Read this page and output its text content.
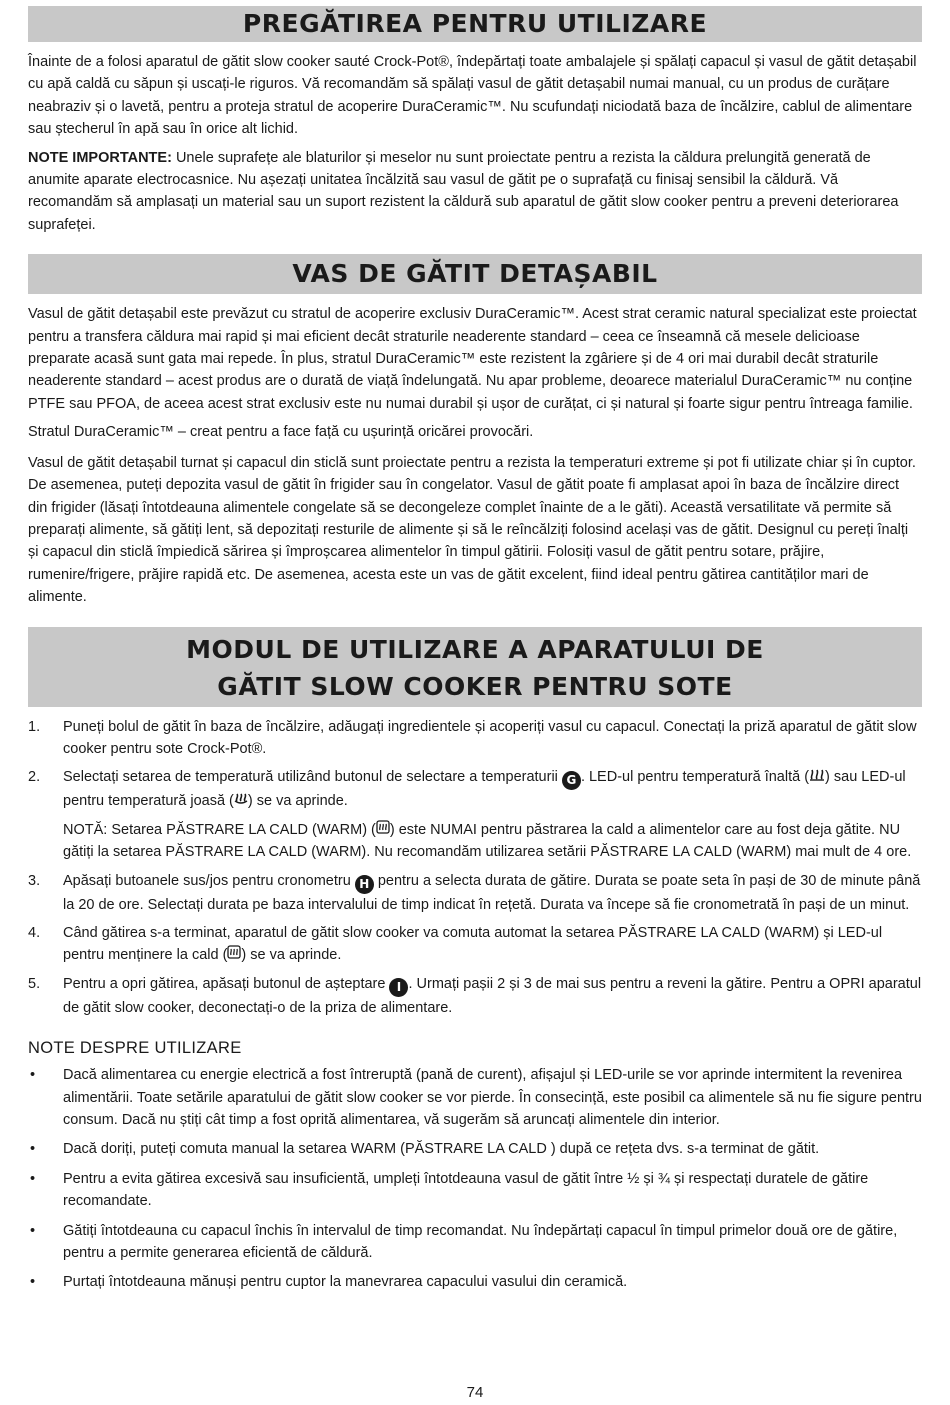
PREGĂTIREA PENTRU UTILIZARE

Înainte de a folosi aparatul de gătit slow cooker sauté Crock-Pot®, îndepărtați toate ambalajele și spălați capacul și vasul de gătit detașabil cu apă caldă cu săpun și uscați-le riguros. Vă recomandăm să spălați vasul de gătit detașabil numai manual, cu un produs de curățare neabraziv și o lavetă, pentru a proteja stratul de acoperire DuraCeramic™. Nu scufundați niciodată baza de încălzire, cablul de alimentare sau ștecherul în apă sau în orice alt lichid.

NOTE IMPORTANTE: Unele suprafețe ale blaturilor și meselor nu sunt proiectate pentru a rezista la căldura prelungită generată de anumite aparate electrocasnice. Nu așezați unitatea încălzită sau vasul de gătit pe o suprafață cu finisaj sensibil la căldură. Vă recomandăm să amplasați un material sau un suport rezistent la căldură sub aparatul de gătit slow cooker pentru a preveni deteriorarea suprafeței.

VAS DE GĂTIT DETAȘABIL

Vasul de gătit detașabil este prevăzut cu stratul de acoperire exclusiv DuraCeramic™. Acest strat ceramic natural specializat este proiectat pentru a transfera căldura mai rapid și mai eficient decât straturile neaderente standard – ceea ce înseamnă că mesele delicioase preparate acasă sunt gata mai repede. În plus, stratul DuraCeramic™ este rezistent la zgâriere și de 4 ori mai durabil decât straturile neaderente standard – acest produs are o durată de viață îndelungată. Nu apar probleme, deoarece materialul DuraCeramic™ nu conține PTFE sau PFOA, de aceea acest strat exclusiv este nu numai durabil și ușor de curățat, ci și natural și foarte sigur pentru întreaga familie.

Stratul DuraCeramic™ – creat pentru a face față cu ușurință oricărei provocări.

Vasul de gătit detașabil turnat și capacul din sticlă sunt proiectate pentru a rezista la temperaturi extreme și pot fi utilizate chiar și în cuptor. De asemenea, puteți depozita vasul de gătit în frigider sau în congelator. Vasul de gătit poate fi amplasat apoi în baza de încălzire direct din frigider (lăsați întotdeauna alimentele congelate să se decongeleze complet înainte de a le găti). Această versatilitate vă permite să preparați alimente, să gătiți lent, să depozitați resturile de alimente și să le reîncălziți folosind același vas de gătit. Designul cu pereți înalți și capacul din sticlă împiedică sărirea și împroșcarea alimentelor în timpul gătirii. Folosiți vasul de gătit pentru sotare, prăjire, rumenire/frigere, prăjire rapidă etc. De asemenea, acesta este un vas de gătit excelent, fiind ideal pentru gătirea cantităților mari de alimente.

MODUL DE UTILIZARE A APARATULUI DE
GĂTIT SLOW COOKER PENTRU SOTE
1. Puneți bolul de gătit în baza de încălzire, adăugați ingredientele și acoperiți vasul cu capacul. Conectați la priză aparatul de gătit slow cooker pentru sote Crock-Pot®.
2. Selectați setarea de temperatură utilizând butonul de selectare a temperaturii G . LED-ul pentru temperatură înaltă ( ) sau LED-ul pentru temperatură joasă ( ) se va aprinde.
NOTĂ: Setarea PĂSTRARE LA CALD (WARM) ( ) este NUMAI pentru păstrarea la cald a alimentelor care au fost deja gătite. NU gătiți la setarea PĂSTRARE LA CALD (WARM). Nu recomandăm utilizarea setării PĂSTRARE LA CALD (WARM) mai mult de 4 ore.
3. Apăsați butoanele sus/jos pentru cronometru H pentru a selecta durata de gătire. Durata se poate seta în pași de 30 de minute până la 20 de ore. Selectați durata pe baza intervalului de timp indicat în rețetă. Durata va începe să fie cronometrată în pași de un minut.
4. Când gătirea s-a terminat, aparatul de gătit slow cooker va comuta automat la setarea PĂSTRARE LA CALD (WARM) și LED-ul pentru menținere la cald ( ) se va aprinde.
5. Pentru a opri gătirea, apăsați butonul de așteptare I . Urmați pașii 2 și 3 de mai sus pentru a reveni la gătire. Pentru a OPRI aparatul de gătit slow cooker, deconectați-o de la priza de alimentare.
NOTE DESPRE UTILIZARE
• Dacă alimentarea cu energie electrică a fost întreruptă (pană de curent), afișajul și LED-urile se vor aprinde intermitent la revenirea alimentării. Toate setările aparatului de gătit slow cooker se vor pierde. În consecință, este posibil ca alimentele să nu fie sigure pentru consum. Dacă nu știți cât timp a fost oprită alimentarea, vă sugerăm să aruncați alimentele din interior.
• Dacă doriți, puteți comuta manual la setarea WARM (PĂSTRARE LA CALD ) după ce rețeta dvs. s-a terminat de gătit.
• Pentru a evita gătirea excesivă sau insuficientă, umpleți întotdeauna vasul de gătit între ½ și ¾ și respectați duratele de gătire recomandate.
• Gătiți întotdeauna cu capacul închis în intervalul de timp recomandat. Nu îndepărtați capacul în timpul primelor două ore de gătire, pentru a permite generarea eficientă de căldură.
• Purtați întotdeauna mănuși pentru cuptor la manevrarea capacului vasului din ceramică.
74
